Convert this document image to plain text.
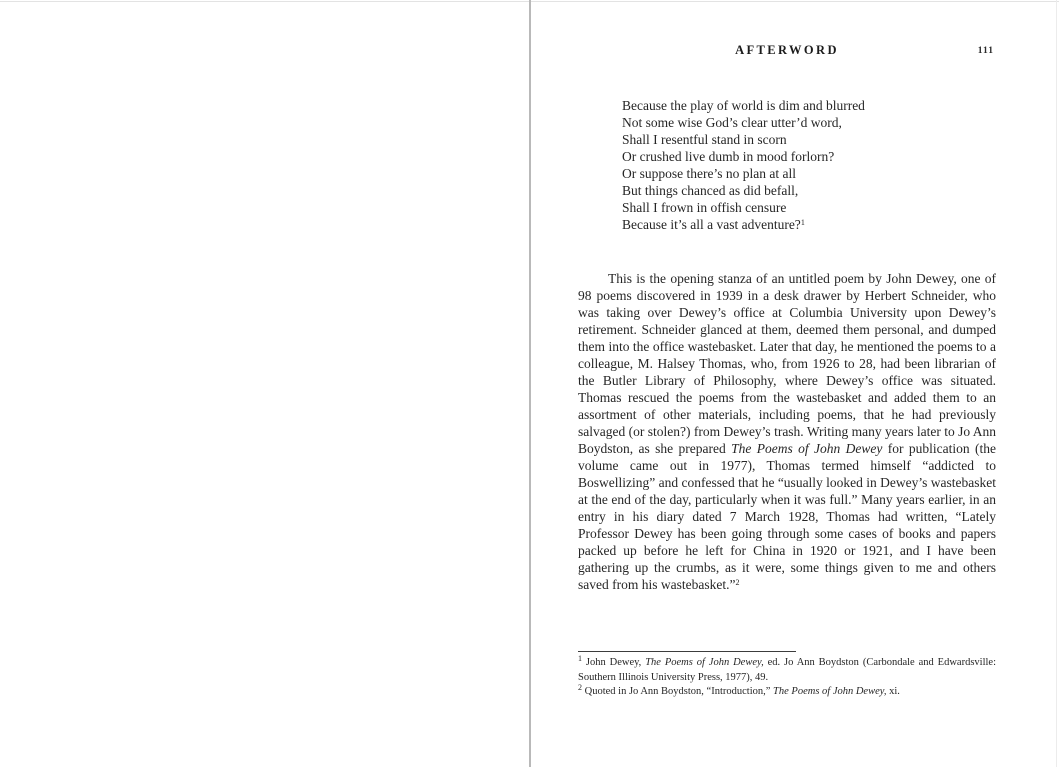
AFTERWORD	111
Because the play of world is dim and blurred
Not some wise God’s clear utter’d word,
Shall I resentful stand in scorn
Or crushed live dumb in mood forlorn?
Or suppose there’s no plan at all
But things chanced as did befall,
Shall I frown in offish censure
Because it’s all a vast adventure?$^1$
This is the opening stanza of an untitled poem by John Dewey, one of 98 poems discovered in 1939 in a desk drawer by Herbert Schneider, who was taking over Dewey’s office at Columbia University upon Dewey’s retirement. Schneider glanced at them, deemed them personal, and dumped them into the office wastebasket. Later that day, he mentioned the poems to a colleague, M. Halsey Thomas, who, from 1926 to 28, had been librarian of the Butler Library of Philosophy, where Dewey’s office was situated. Thomas rescued the poems from the wastebasket and added them to an assortment of other materials, including poems, that he had previously salvaged (or stolen?) from Dewey’s trash. Writing many years later to Jo Ann Boydston, as she prepared The Poems of John Dewey for publication (the volume came out in 1977), Thomas termed himself “addicted to Boswellizing” and confessed that he “usually looked in Dewey’s wastebasket at the end of the day, particularly when it was full.” Many years earlier, in an entry in his diary dated 7 March 1928, Thomas had written, “Lately Professor Dewey has been going through some cases of books and papers packed up before he left for China in 1920 or 1921, and I have been gathering up the crumbs, as it were, some things given to me and others saved from his wastebasket.”$^2$
$^1$ John Dewey, The Poems of John Dewey, ed. Jo Ann Boydston (Carbondale and Edwardsville: Southern Illinois University Press, 1977), 49.
$^2$ Quoted in Jo Ann Boydston, “Introduction,” The Poems of John Dewey, xi.
